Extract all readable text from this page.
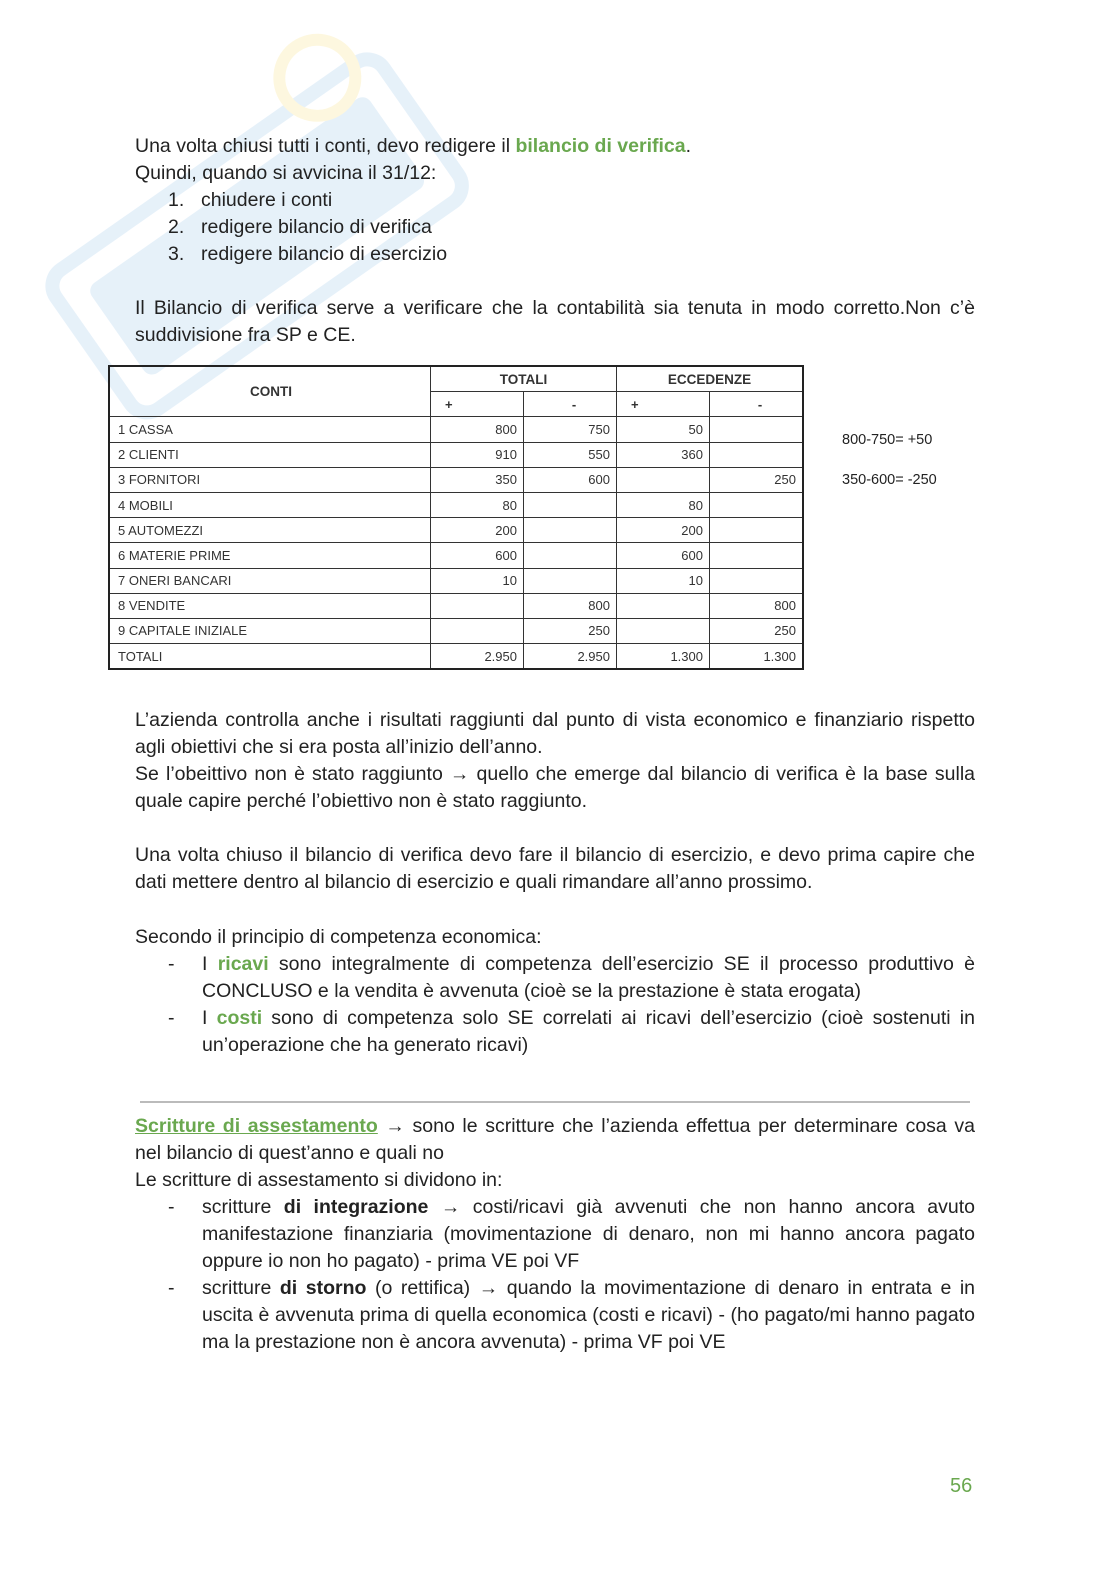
Una volta chiusi tutti i conti, devo redigere il bilancio di verifica.

Quindi, quando si avvicina il 31/12:

1. chiudere i conti
2. redigere bilancio di verifica
3. redigere bilancio di esercizio

Il Bilancio di verifica serve a verificare che la contabilità sia tenuta in modo corretto.Non c’è suddivisione fra SP e CE.

CONTI	TOTALI		ECCEDENZE	
	+	-	+	-
1 CASSA	800	750	50	
2 CLIENTI	910	550	360	
3 FORNITORI	350	600		250
4 MOBILI	80		80	
5 AUTOMEZZI	200		200	
6 MATERIE PRIME	600		600	
7 ONERI BANCARI	10		10	
8 VENDITE		800		800
9 CAPITALE INIZIALE		250		250
TOTALI	2.950	2.950	1.300	1.300
800-750= +50
350-600= -250

L’azienda controlla anche i risultati raggiunti dal punto di vista economico e finanziario rispetto agli obiettivi che si era posta all’inizio dell’anno.

Se l’obeittivo non è stato raggiunto → quello che emerge dal bilancio di verifica è la base sulla quale capire perché l’obiettivo non è stato raggiunto.

Una volta chiuso il bilancio di verifica devo fare il bilancio di esercizio, e devo prima capire che dati mettere dentro al bilancio di esercizio e quali rimandare all’anno prossimo.

Secondo il principio di competenza economica:

- I ricavi sono integralmente di competenza dell’esercizio SE il processo produttivo è CONCLUSO e la vendita è avvenuta (cioè se la prestazione è stata erogata)
- I costi sono di competenza solo SE correlati ai ricavi dell’esercizio (cioè sostenuti in un’operazione che ha generato ricavi)

Scritture di assestamento → sono le scritture che l’azienda effettua per determinare cosa va nel bilancio di quest’anno e quali no

Le scritture di assestamento si dividono in:

- scritture di integrazione → costi/ricavi già avvenuti che non hanno ancora avuto manifestazione finanziaria (movimentazione di denaro, non mi hanno ancora pagato oppure io non ho pagato) - prima VE poi VF
- scritture di storno (o rettifica) → quando la movimentazione di denaro in entrata e in uscita è avvenuta prima di quella economica (costi e ricavi) - (ho pagato/mi hanno pagato ma la prestazione non è ancora avvenuta) - prima VF poi VE
56
